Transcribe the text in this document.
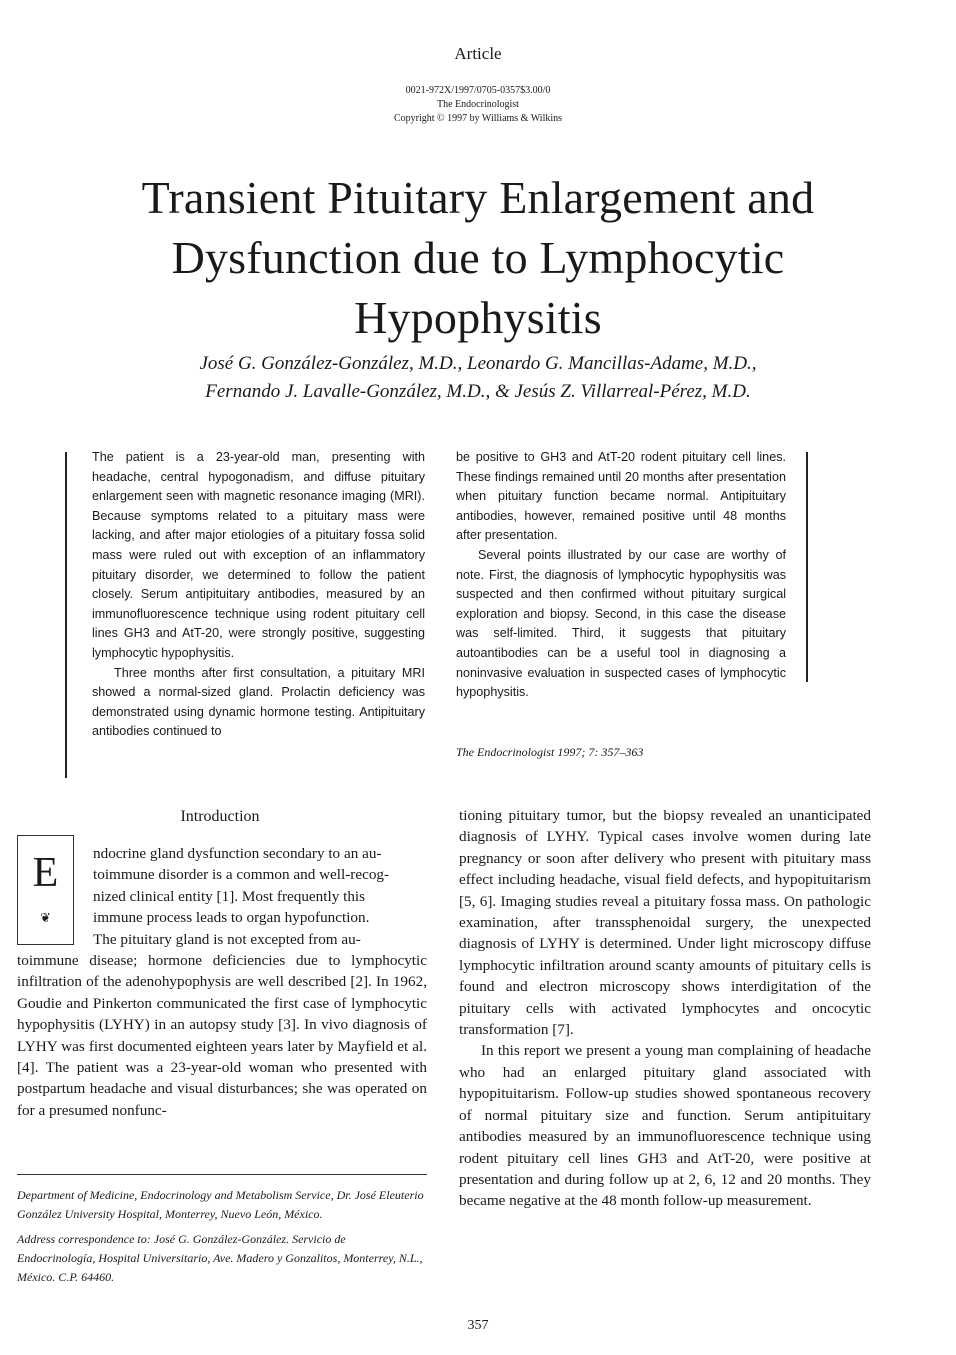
Article
0021-972X/1997/0705-0357$3.00/0
The Endocrinologist
Copyright © 1997 by Williams & Wilkins
Transient Pituitary Enlargement and
Dysfunction due to Lymphocytic
Hypophysitis
José G. González-González, M.D., Leonardo G. Mancillas-Adame, M.D.,
Fernando J. Lavalle-González, M.D., & Jesús Z. Villarreal-Pérez, M.D.

The patient is a 23-year-old man, presenting with headache, central hypogonadism, and diffuse pituitary enlargement seen with magnetic resonance imaging (MRI). Because symptoms related to a pituitary mass were lacking, and after major etiologies of a pituitary fossa solid mass were ruled out with exception of an inflammatory pituitary disorder, we determined to follow the patient closely. Serum antipituitary antibodies, measured by an immunofluorescence technique using rodent pituitary cell lines GH3 and AtT-20, were strongly positive, suggesting lymphocytic hypophysitis.

Three months after first consultation, a pituitary MRI showed a normal-sized gland. Prolactin deficiency was demonstrated using dynamic hormone testing. Antipituitary antibodies continued to

be positive to GH3 and AtT-20 rodent pituitary cell lines. These findings remained until 20 months after presentation when pituitary function became normal. Antipituitary antibodies, however, remained positive until 48 months after presentation.

Several points illustrated by our case are worthy of note. First, the diagnosis of lymphocytic hypophysitis was suspected and then confirmed without pituitary surgical exploration and biopsy. Second, in this case the disease was self-limited. Third, it suggests that pituitary autoantibodies can be a useful tool in diagnosing a noninvasive evaluation in suspected cases of lymphocytic hypophysitis.

The Endocrinologist 1997; 7: 357–363
Introduction
E
❦
ndocrine gland dysfunction secondary to an au-
toimmune disorder is a common and well-recog-
nized clinical entity [1]. Most frequently this
immune process leads to organ hypofunction.
The pituitary gland is not excepted from au-

toimmune disease; hormone deficiencies due to lymphocytic infiltration of the adenohypophysis are well described [2]. In 1962, Goudie and Pinkerton communicated the first case of lymphocytic hypophysitis (LYHY) in an autopsy study [3]. In vivo diagnosis of LYHY was first documented eighteen years later by Mayfield et al. [4]. The patient was a 23-year-old woman who presented with postpartum headache and visual disturbances; she was operated on for a presumed nonfunc-

tioning pituitary tumor, but the biopsy revealed an unanticipated diagnosis of LYHY. Typical cases involve women during late pregnancy or soon after delivery who present with pituitary mass effect including headache, visual field defects, and hypopituitarism [5, 6]. Imaging studies reveal a pituitary fossa mass. On pathologic examination, after transsphenoidal surgery, the unexpected diagnosis of LYHY is determined. Under light microscopy diffuse lymphocytic infiltration around scanty amounts of pituitary cells is found and electron microscopy shows interdigitation of the pituitary cells with activated lymphocytes and oncocytic transformation [7].

In this report we present a young man complaining of headache who had an enlarged pituitary gland associated with hypopituitarism. Follow-up studies showed spontaneous recovery of normal pituitary size and function. Serum antipituitary antibodies measured by an immunofluorescence technique using rodent pituitary cell lines GH3 and AtT-20, were positive at presentation and during follow up at 2, 6, 12 and 20 months. They became negative at the 48 month follow-up measurement.

Department of Medicine, Endocrinology and Metabolism Service, Dr. José Eleuterio González University Hospital, Monterrey, Nuevo León, México.

Address correspondence to: José G. González-González. Servicio de Endocrinología, Hospital Universitario, Ave. Madero y Gonzalitos, Monterrey, N.L., México. C.P. 64460.

357
